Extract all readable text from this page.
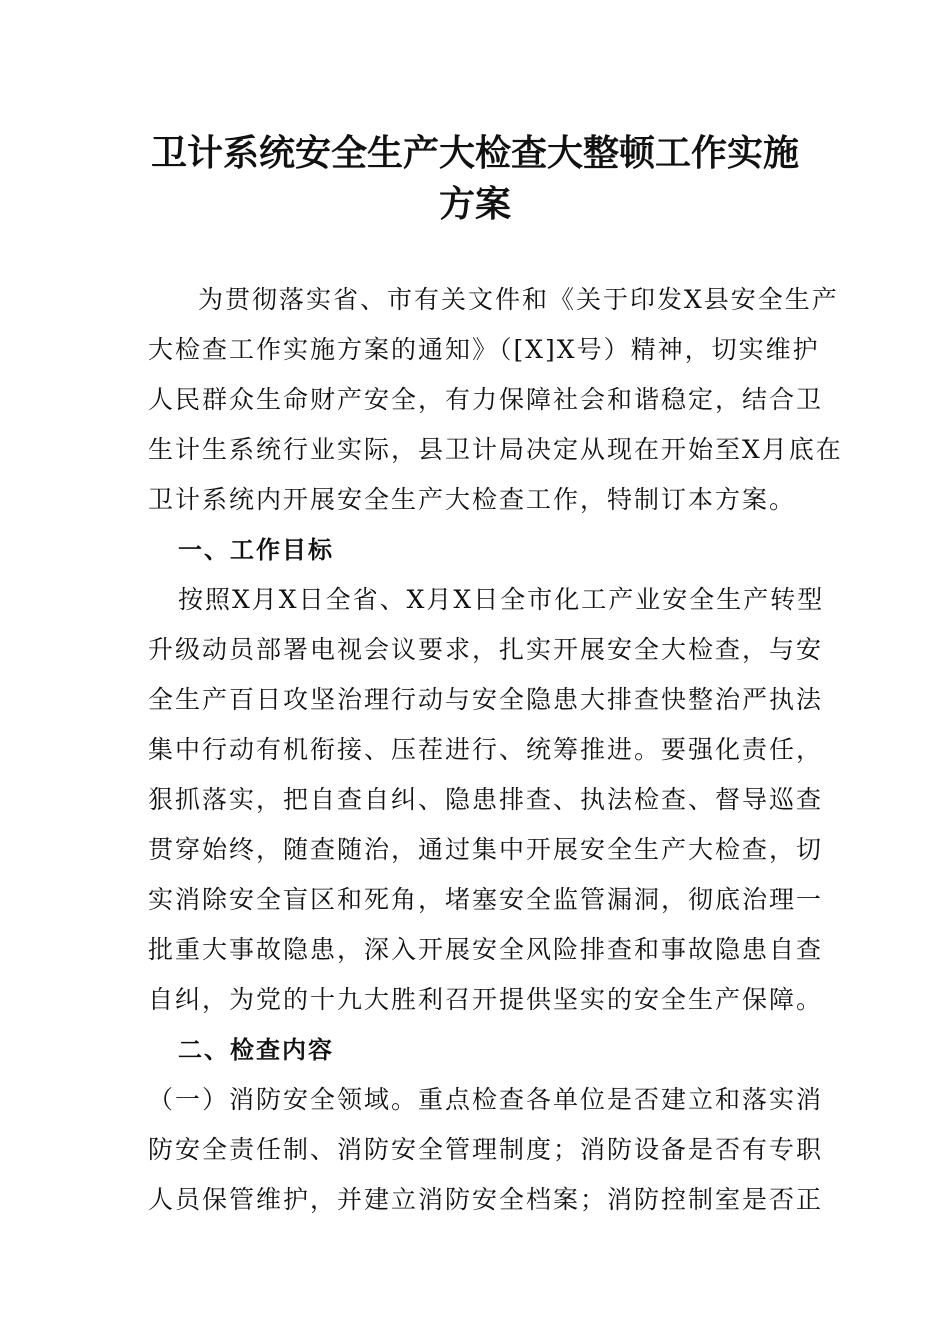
卫计系统安全生产大检查大整顿工作实施
方案

为贯彻落实省、市有关文件和《关于印发X县安全生产

大检查工作实施方案的通知》（[X]X号）精神，切实维护

人民群众生命财产安全，有力保障社会和谐稳定，结合卫

生计生系统行业实际，县卫计局决定从现在开始至X月底在

卫计系统内开展安全生产大检查工作，特制订本方案。

一、工作目标

按照X月X日全省、X月X日全市化工产业安全生产转型

升级动员部署电视会议要求，扎实开展安全大检查，与安

全生产百日攻坚治理行动与安全隐患大排查快整治严执法

集中行动有机衔接、压茬进行、统筹推进。要强化责任，

狠抓落实，把自查自纠、隐患排查、执法检查、督导巡查

贯穿始终，随查随治，通过集中开展安全生产大检查，切

实消除安全盲区和死角，堵塞安全监管漏洞，彻底治理一

批重大事故隐患，深入开展安全风险排查和事故隐患自查

自纠，为党的十九大胜利召开提供坚实的安全生产保障。

二、检查内容

（一）消防安全领域。重点检查各单位是否建立和落实消

防安全责任制、消防安全管理制度；消防设备是否有专职

人员保管维护，并建立消防安全档案；消防控制室是否正
